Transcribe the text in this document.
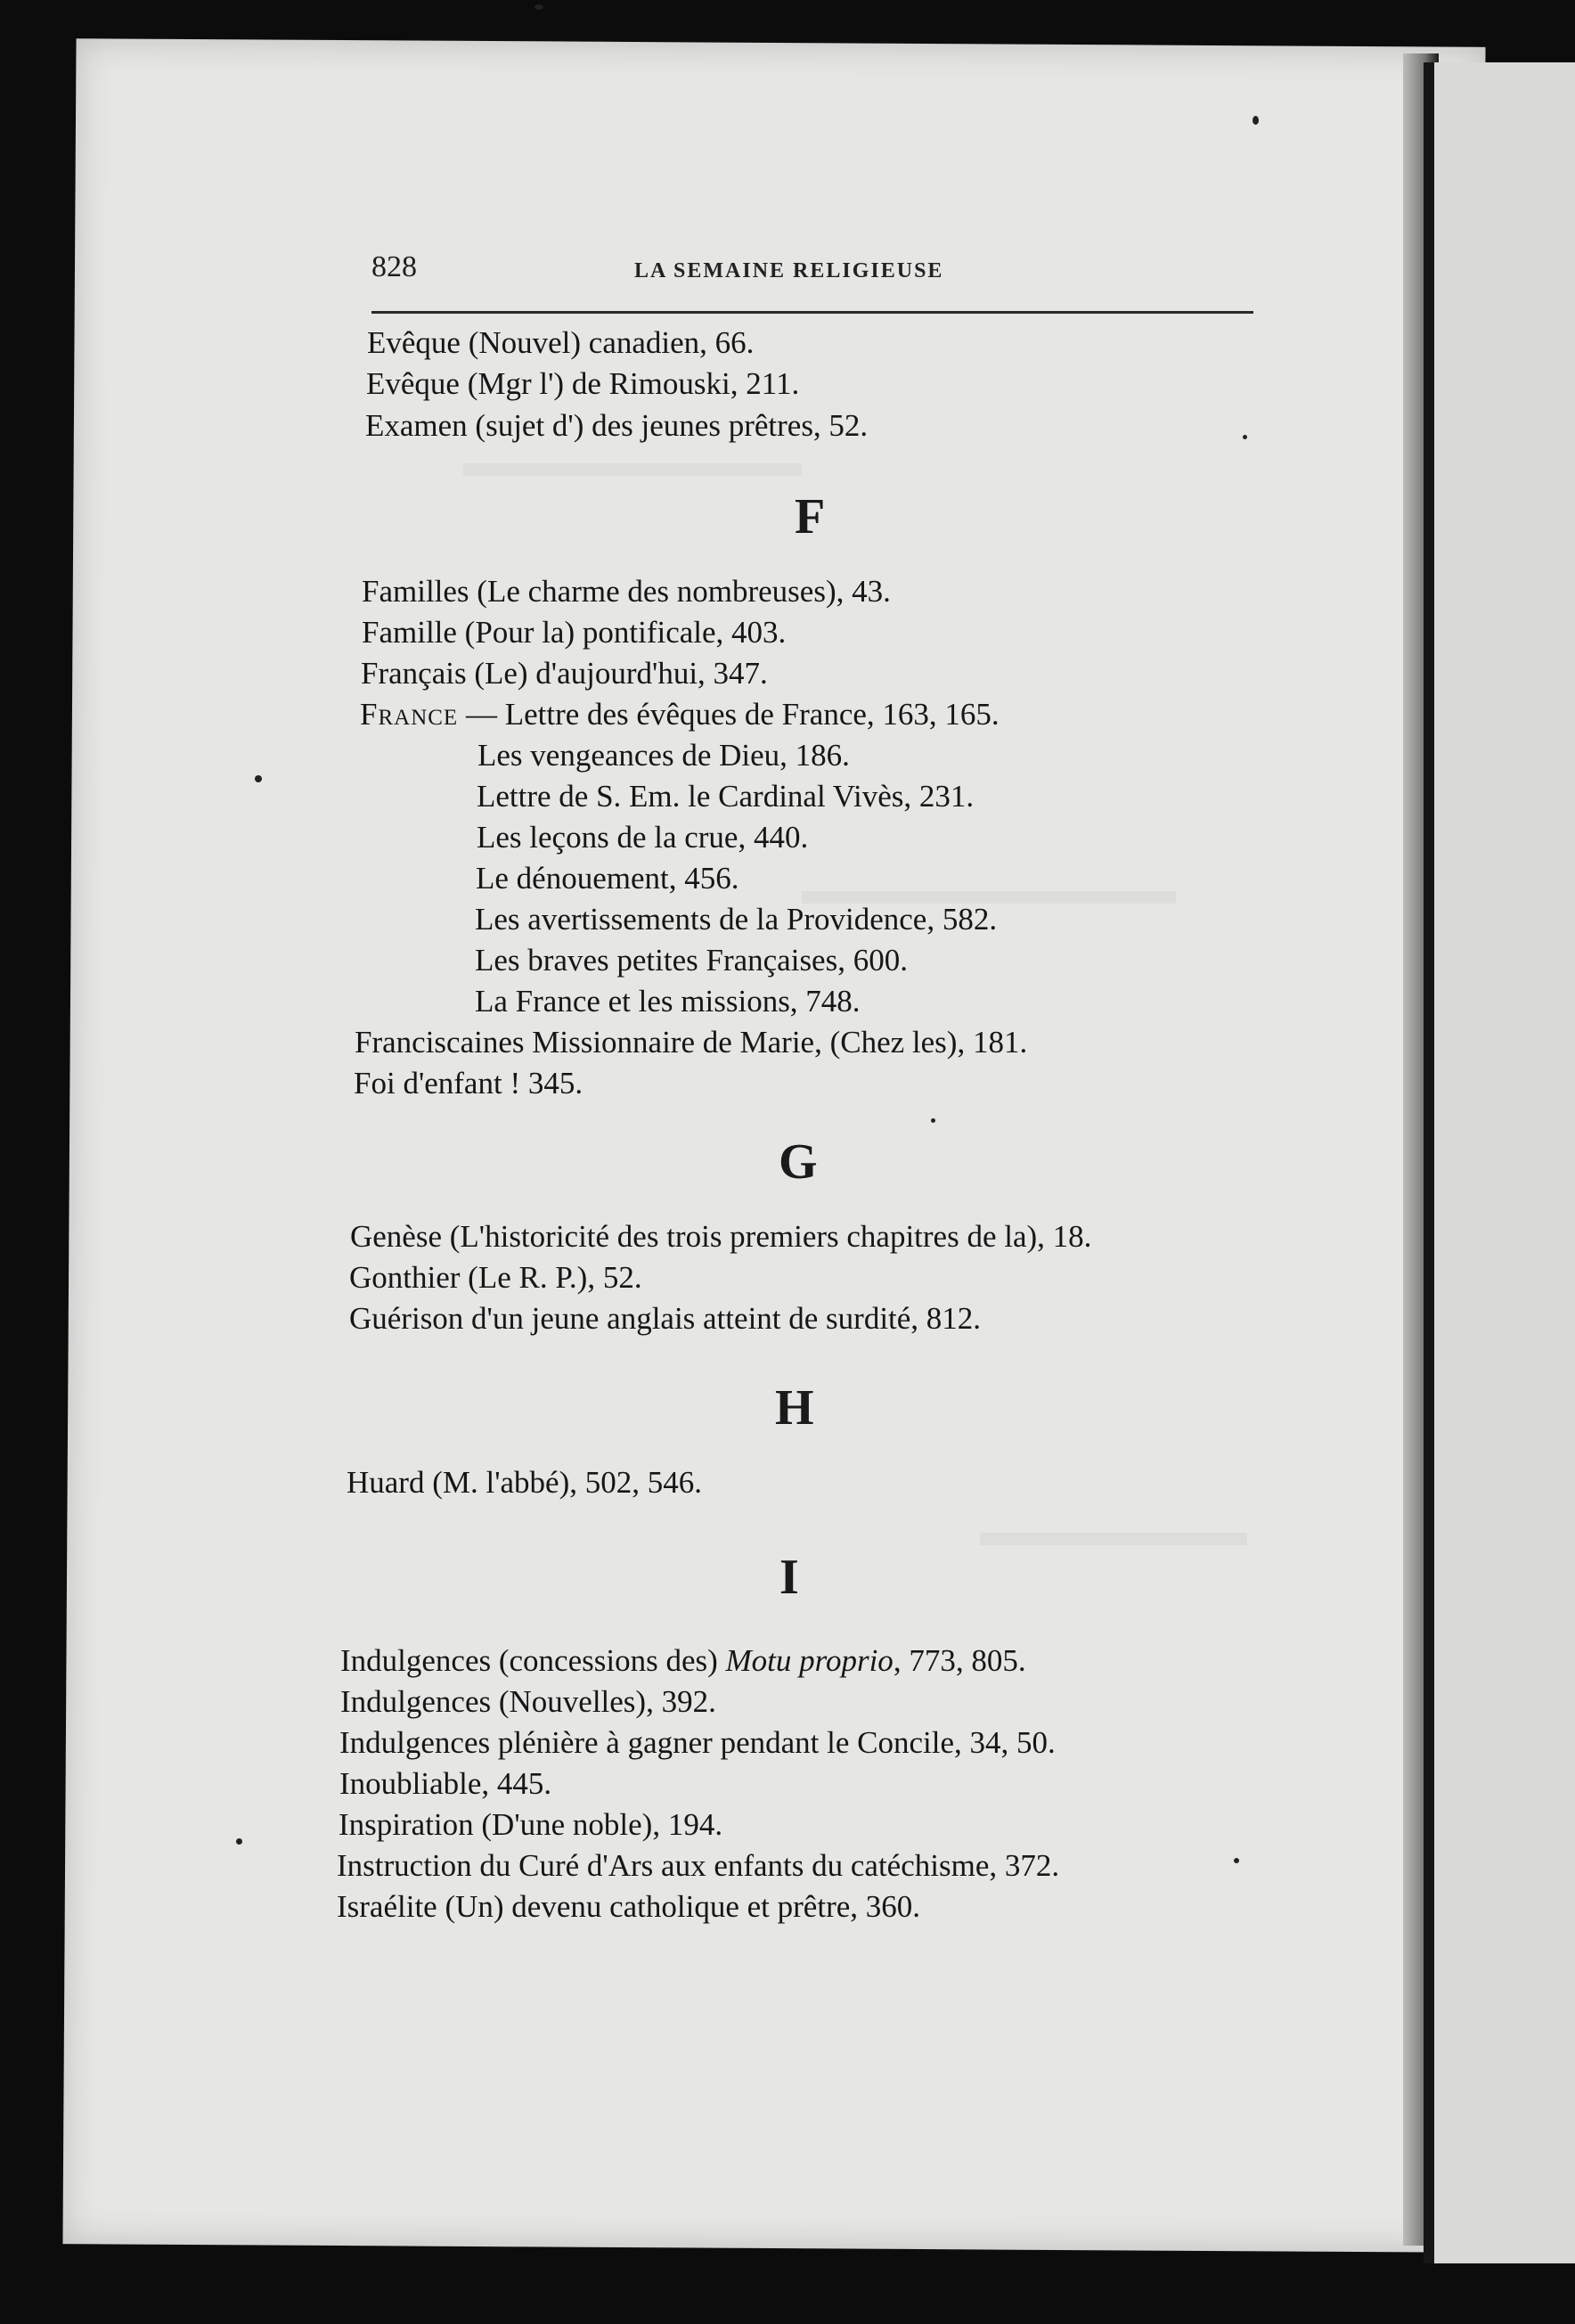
828	LA SEMAINE RELIGIEUSE
Evêque (Nouvel) canadien, 66.
Evêque (Mgr l') de Rimouski, 211.
Examen (sujet d') des jeunes prêtres, 52.
F
Familles (Le charme des nombreuses), 43.
Famille (Pour la) pontificale, 403.
Français (Le) d'aujourd'hui, 347.
France — Lettre des évêques de France, 163, 165.
Les vengeances de Dieu, 186.
Lettre de S. Em. le Cardinal Vivès, 231.
Les leçons de la crue, 440.
Le dénouement, 456.
Les avertissements de la Providence, 582.
Les braves petites Françaises, 600.
La France et les missions, 748.
Franciscaines Missionnaire de Marie, (Chez les), 181.
Foi d'enfant ! 345.
G
Genèse (L'historicité des trois premiers chapitres de la), 18.
Gonthier (Le R. P.), 52.
Guérison d'un jeune anglais atteint de surdité, 812.
H
Huard (M. l'abbé), 502, 546.
I
Indulgences (concessions des) Motu proprio, 773, 805.
Indulgences (Nouvelles), 392.
Indulgences plénière à gagner pendant le Concile, 34, 50.
Inoubliable, 445.
Inspiration (D'une noble), 194.
Instruction du Curé d'Ars aux enfants du catéchisme, 372.
Israélite (Un) devenu catholique et prêtre, 360.
